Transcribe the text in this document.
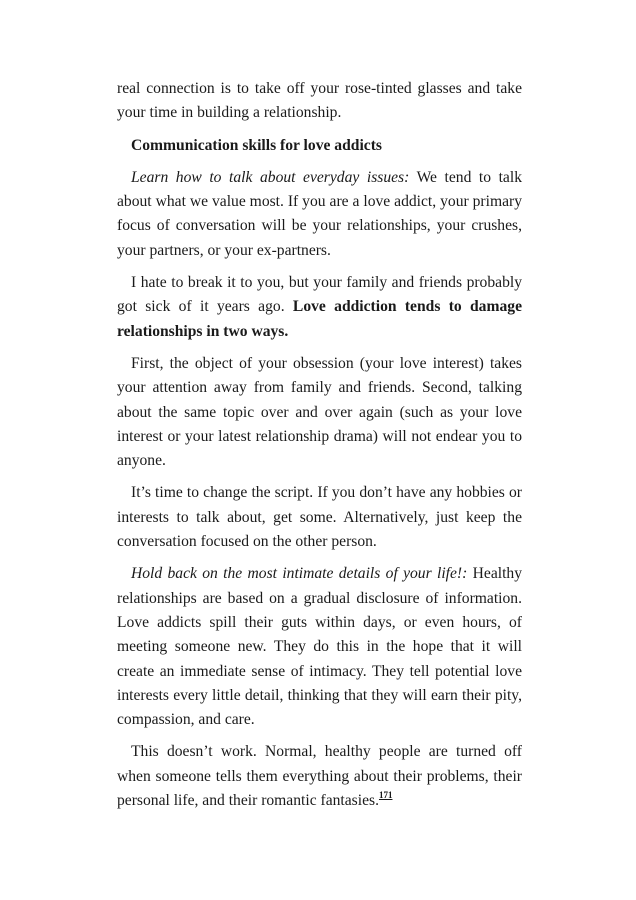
real connection is to take off your rose-tinted glasses and take your time in building a relationship.

Communication skills for love addicts

Learn how to talk about everyday issues: We tend to talk about what we value most. If you are a love addict, your primary focus of conversation will be your relationships, your crushes, your partners, or your ex-partners.

I hate to break it to you, but your family and friends probably got sick of it years ago. Love addiction tends to damage relationships in two ways.

First, the object of your obsession (your love interest) takes your attention away from family and friends. Second, talking about the same topic over and over again (such as your love interest or your latest relationship drama) will not endear you to anyone.

It’s time to change the script. If you don’t have any hobbies or interests to talk about, get some. Alternatively, just keep the conversation focused on the other person.

Hold back on the most intimate details of your life!: Healthy relationships are based on a gradual disclosure of information. Love addicts spill their guts within days, or even hours, of meeting someone new. They do this in the hope that it will create an immediate sense of intimacy. They tell potential love interests every little detail, thinking that they will earn their pity, compassion, and care.

This doesn’t work. Normal, healthy people are turned off when someone tells them everything about their problems, their personal life, and their romantic fantasies.$^{171}$
